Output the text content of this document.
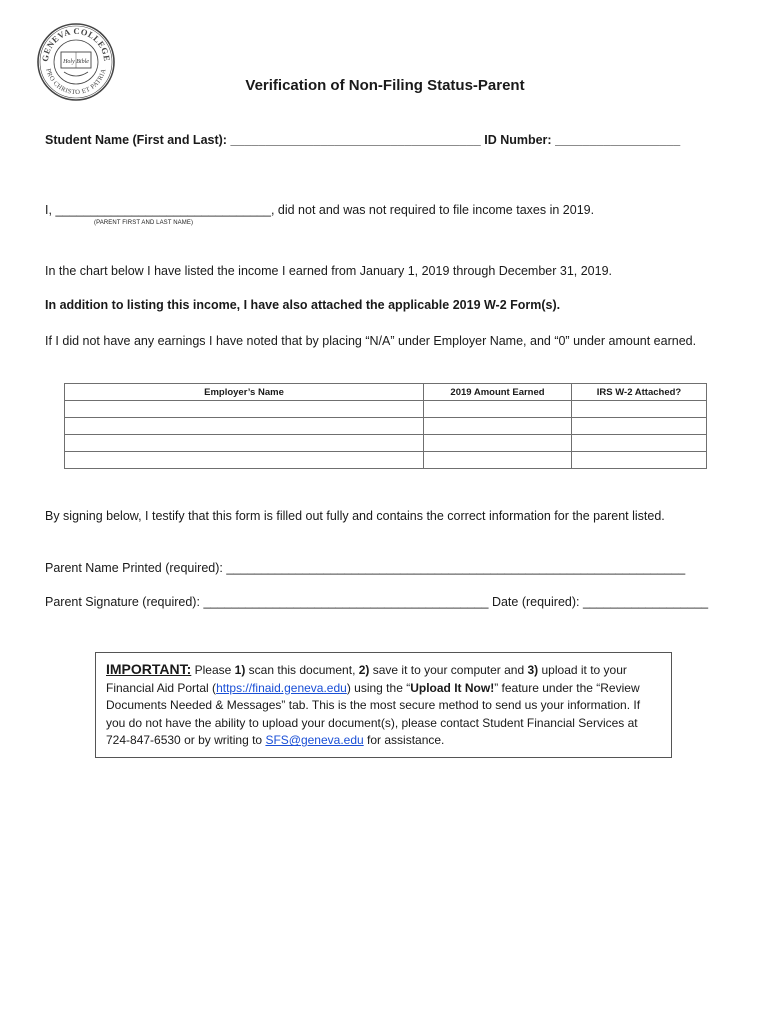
GENEVA COLLEGE
PRO CHRISTO ET PATRIA
Holy Bible
Verification of Non-Filing Status-Parent
Student Name (First and Last): ____________________________________ ID Number: __________________
I, _______________________________, did not and was not required to file income taxes in 2019.
(PARENT FIRST AND LAST NAME)
In the chart below I have listed the income I earned from January 1, 2019 through December 31, 2019.
In addition to listing this income, I have also attached the applicable 2019 W-2 Form(s).
If I did not have any earnings I have noted that by placing “N/A” under Employer Name, and “0” under amount earned.
Employer’s Name	2019 Amount Earned	IRS W-2 Attached?

By signing below, I testify that this form is filled out fully and contains the correct information for the parent listed.
Parent Name Printed (required): __________________________________________________________________
Parent Signature (required): _________________________________________ Date (required): __________________
IMPORTANT: Please 1) scan this document, 2) save it to your computer and 3) upload it to your Financial Aid Portal (https://finaid.geneva.edu) using the “Upload It Now!” feature under the “Review Documents Needed & Messages” tab. This is the most secure method to send us your information. If you do not have the ability to upload your document(s), please contact Student Financial Services at 724-847-6530 or by writing to SFS@geneva.edu for assistance.
